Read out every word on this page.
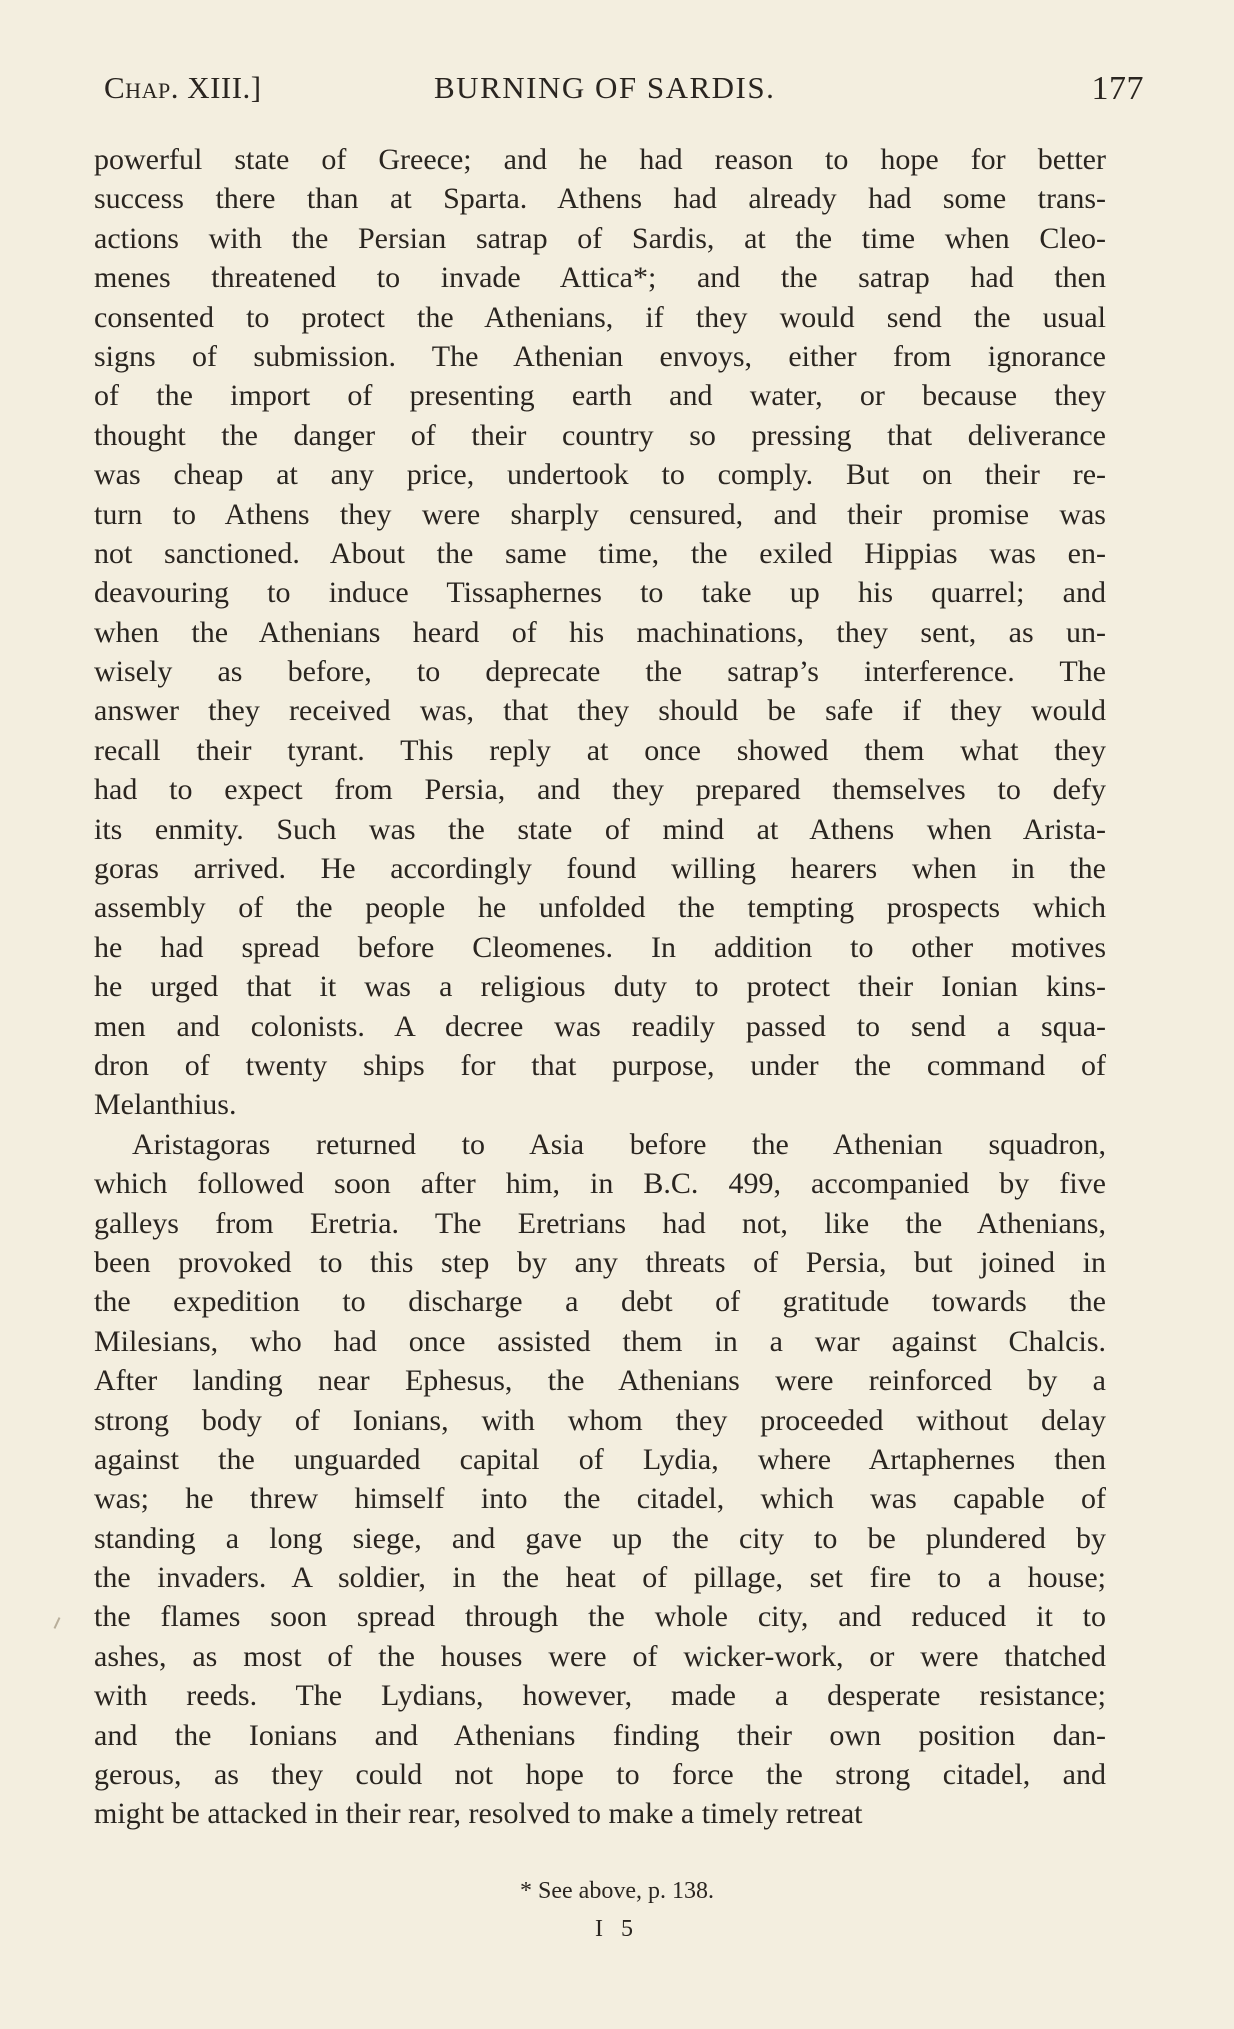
Chap. XIII.]	BURNING OF SARDIS.	177
powerful state of Greece; and he had reason to hope for better
success there than at Sparta. Athens had already had some trans-
actions with the Persian satrap of Sardis, at the time when Cleo-
menes threatened to invade Attica*; and the satrap had then
consented to protect the Athenians, if they would send the usual
signs of submission. The Athenian envoys, either from ignorance
of the import of presenting earth and water, or because they
thought the danger of their country so pressing that deliverance
was cheap at any price, undertook to comply. But on their re-
turn to Athens they were sharply censured, and their promise was
not sanctioned. About the same time, the exiled Hippias was en-
deavouring to induce Tissaphernes to take up his quarrel; and
when the Athenians heard of his machinations, they sent, as un-
wisely as before, to deprecate the satrap’s interference. The
answer they received was, that they should be safe if they would
recall their tyrant. This reply at once showed them what they
had to expect from Persia, and they prepared themselves to defy
its enmity. Such was the state of mind at Athens when Arista-
goras arrived. He accordingly found willing hearers when in the
assembly of the people he unfolded the tempting prospects which
he had spread before Cleomenes. In addition to other motives
he urged that it was a religious duty to protect their Ionian kins-
men and colonists. A decree was readily passed to send a squa-
dron of twenty ships for that purpose, under the command of
Melanthius.
Aristagoras returned to Asia before the Athenian squadron,
which followed soon after him, in B.C. 499, accompanied by five
galleys from Eretria. The Eretrians had not, like the Athenians,
been provoked to this step by any threats of Persia, but joined in
the expedition to discharge a debt of gratitude towards the
Milesians, who had once assisted them in a war against Chalcis.
After landing near Ephesus, the Athenians were reinforced by a
strong body of Ionians, with whom they proceeded without delay
against the unguarded capital of Lydia, where Artaphernes then
was; he threw himself into the citadel, which was capable of
standing a long siege, and gave up the city to be plundered by
the invaders. A soldier, in the heat of pillage, set fire to a house;
the flames soon spread through the whole city, and reduced it to
ashes, as most of the houses were of wicker-work, or were thatched
with reeds. The Lydians, however, made a desperate resistance;
and the Ionians and Athenians finding their own position dan-
gerous, as they could not hope to force the strong citadel, and
might be attacked in their rear, resolved to make a timely retreat
* See above, p. 138.
I 5
